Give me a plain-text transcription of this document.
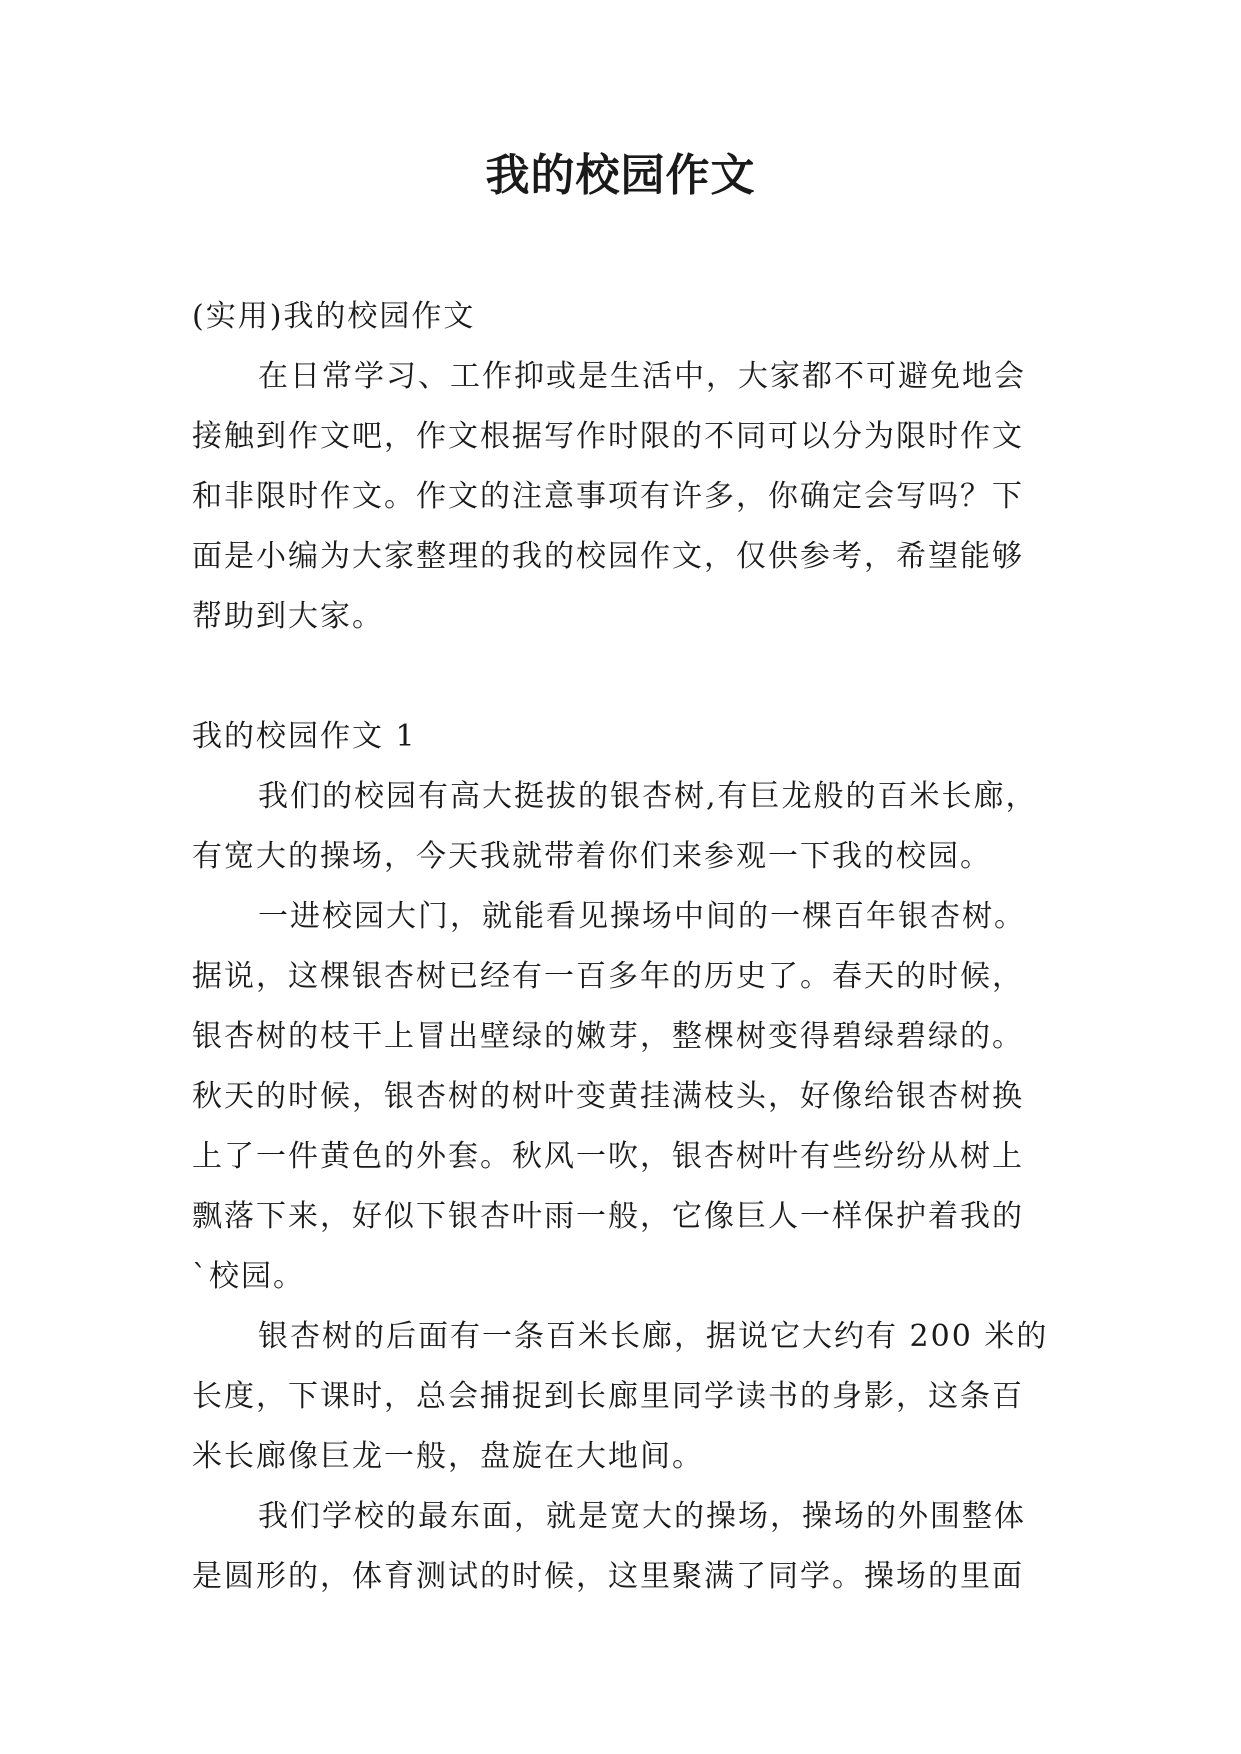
我的校园作文
(实用)我的校园作文
在日常学习、工作抑或是生活中，大家都不可避免地会
接触到作文吧，作文根据写作时限的不同可以分为限时作文
和非限时作文。作文的注意事项有许多，你确定会写吗？下
面是小编为大家整理的我的校园作文，仅供参考，希望能够
帮助到大家。
我的校园作文 1
我们的校园有高大挺拔的银杏树,有巨龙般的百米长廊，
有宽大的操场，今天我就带着你们来参观一下我的校园。
一进校园大门，就能看见操场中间的一棵百年银杏树。
据说，这棵银杏树已经有一百多年的历史了。春天的时候，
银杏树的枝干上冒出壁绿的嫩芽，整棵树变得碧绿碧绿的。
秋天的时候，银杏树的树叶变黄挂满枝头，好像给银杏树换
上了一件黄色的外套。秋风一吹，银杏树叶有些纷纷从树上
飘落下来，好似下银杏叶雨一般，它像巨人一样保护着我的
`校园。
银杏树的后面有一条百米长廊，据说它大约有 200 米的
长度，下课时，总会捕捉到长廊里同学读书的身影，这条百
米长廊像巨龙一般，盘旋在大地间。
我们学校的最东面，就是宽大的操场，操场的外围整体
是圆形的，体育测试的时候，这里聚满了同学。操场的里面
